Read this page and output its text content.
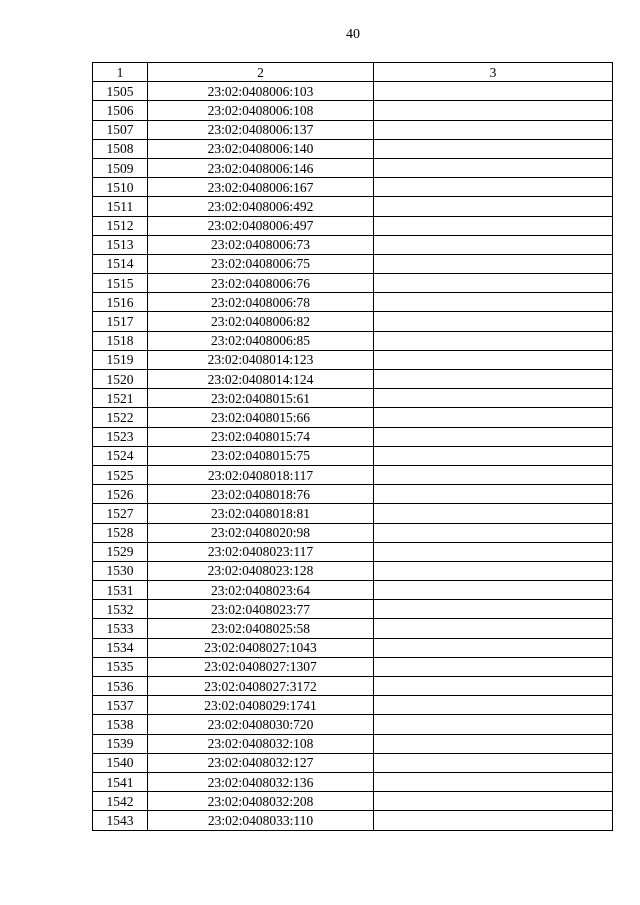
40
1	2	3
1505	23:02:0408006:103	
1506	23:02:0408006:108	
1507	23:02:0408006:137	
1508	23:02:0408006:140	
1509	23:02:0408006:146	
1510	23:02:0408006:167	
1511	23:02:0408006:492	
1512	23:02:0408006:497	
1513	23:02:0408006:73	
1514	23:02:0408006:75	
1515	23:02:0408006:76	
1516	23:02:0408006:78	
1517	23:02:0408006:82	
1518	23:02:0408006:85	
1519	23:02:0408014:123	
1520	23:02:0408014:124	
1521	23:02:0408015:61	
1522	23:02:0408015:66	
1523	23:02:0408015:74	
1524	23:02:0408015:75	
1525	23:02:0408018:117	
1526	23:02:0408018:76	
1527	23:02:0408018:81	
1528	23:02:0408020:98	
1529	23:02:0408023:117	
1530	23:02:0408023:128	
1531	23:02:0408023:64	
1532	23:02:0408023:77	
1533	23:02:0408025:58	
1534	23:02:0408027:1043	
1535	23:02:0408027:1307	
1536	23:02:0408027:3172	
1537	23:02:0408029:1741	
1538	23:02:0408030:720	
1539	23:02:0408032:108	
1540	23:02:0408032:127	
1541	23:02:0408032:136	
1542	23:02:0408032:208	
1543	23:02:0408033:110	
